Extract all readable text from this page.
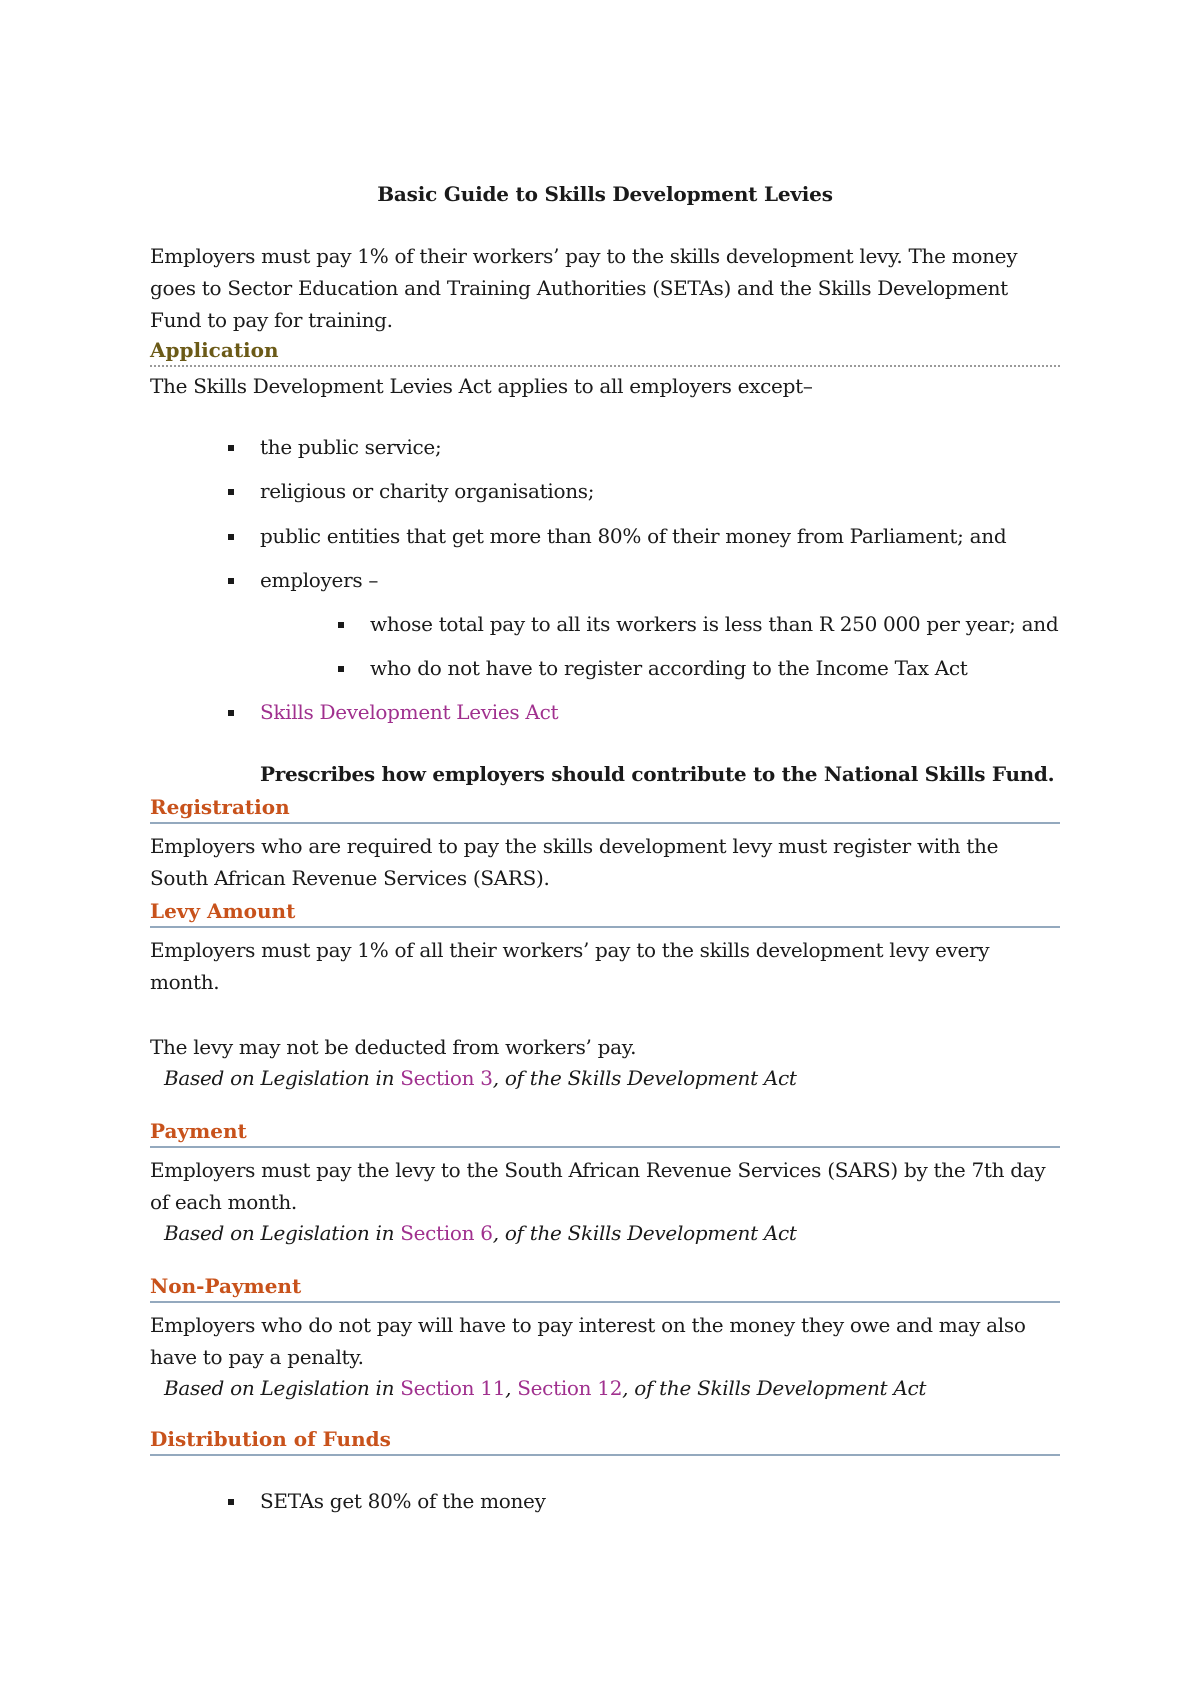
Basic Guide to Skills Development Levies
Employers must pay 1% of their workers’ pay to the skills development levy. The money goes to Sector Education and Training Authorities (SETAs) and the Skills Development Fund to pay for training.
Application
The Skills Development Levies Act applies to all employers except–
the public service;
religious or charity organisations;
public entities that get more than 80% of their money from Parliament; and
employers –
whose total pay to all its workers is less than R 250 000 per year; and
who do not have to register according to the Income Tax Act
Skills Development Levies Act
Prescribes how employers should contribute to the National Skills Fund.
Registration
Employers who are required to pay the skills development levy must register with the South African Revenue Services (SARS).
Levy Amount
Employers must pay 1% of all their workers’ pay to the skills development levy every month.
The levy may not be deducted from workers’ pay.
Based on Legislation in Section 3, of the Skills Development Act
Payment
Employers must pay the levy to the South African Revenue Services (SARS) by the 7th day of each month.
Based on Legislation in Section 6, of the Skills Development Act
Non-Payment
Employers who do not pay will have to pay interest on the money they owe and may also have to pay a penalty.
Based on Legislation in Section 11, Section 12, of the Skills Development Act
Distribution of Funds
SETAs get 80% of the money
